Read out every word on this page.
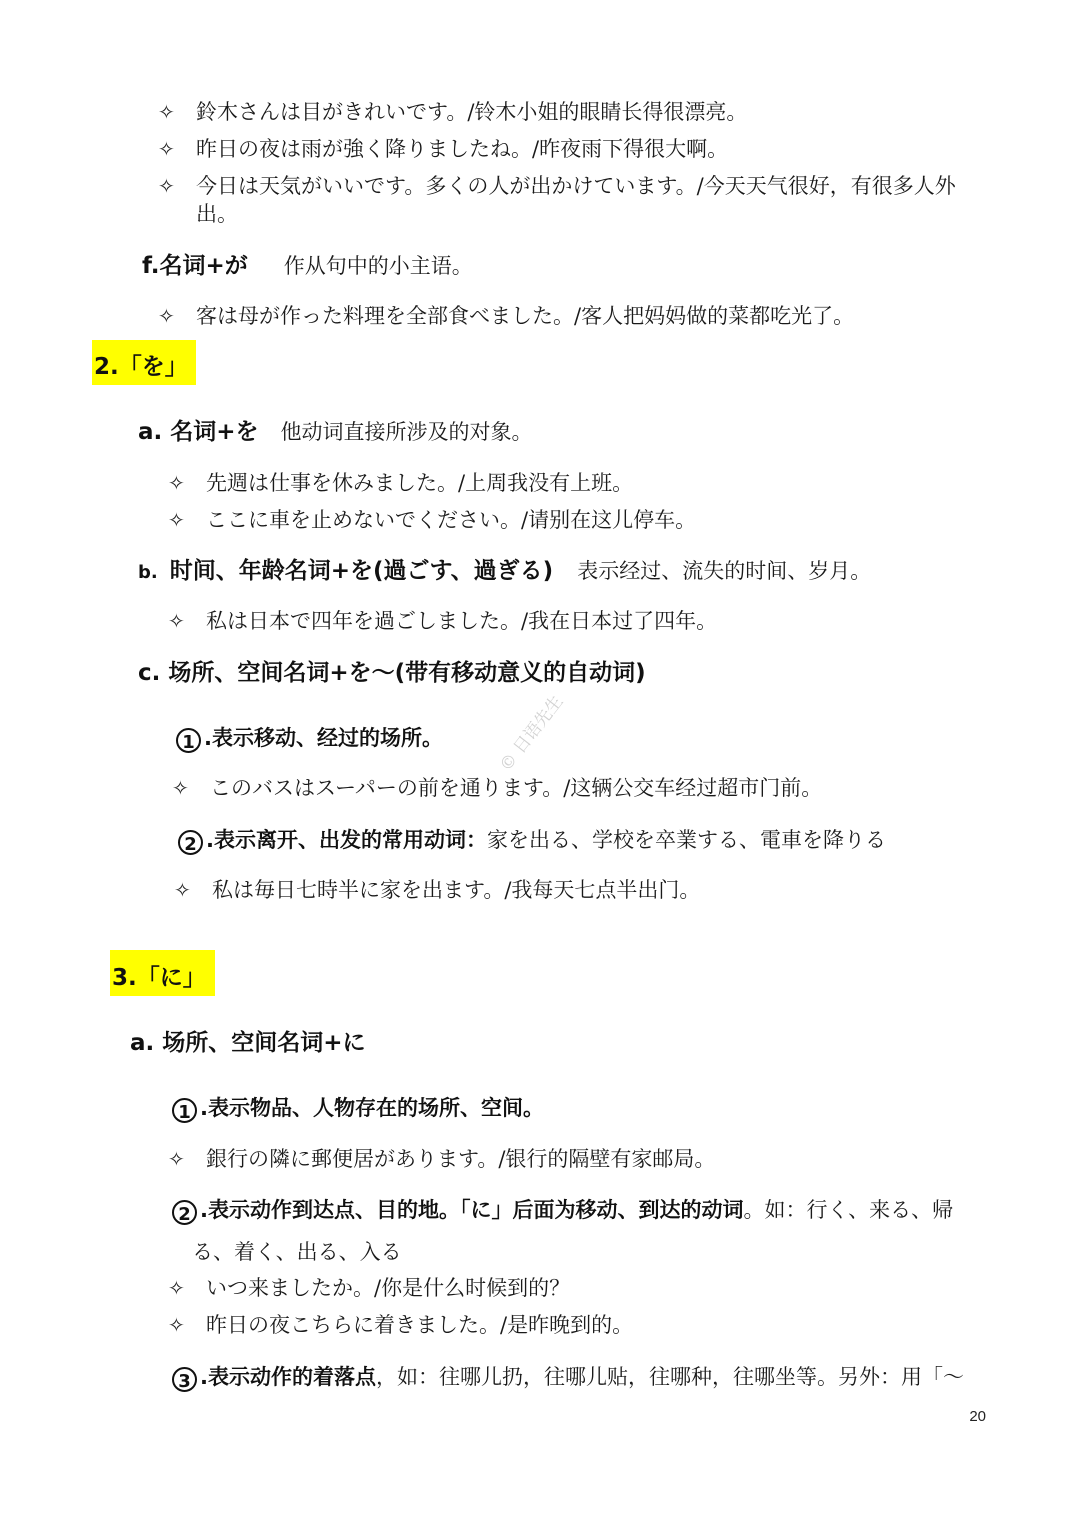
✧ 鈴木さんは目がきれいです。/铃木小姐的眼睛长得很漂亮。
✧ 昨日の夜は雨が強く降りましたね。/昨夜雨下得很大啊。
✧ 今日は天気がいいです。多くの人が出かけています。/今天天气很好，有很多人外
出。
f.名词+が 作从句中的小主语。
✧ 客は母が作った料理を全部食べました。/客人把妈妈做的菜都吃光了。
2.「を」
a. 名词+を 他动词直接所涉及的对象。
✧ 先週は仕事を休みました。/上周我没有上班。
✧ ここに車を止めないでください。/请别在这儿停车。
b. 时间、年龄名词+を(過ごす、過ぎる) 表示经过、流失的时间、岁月。
✧ 私は日本で四年を過ごしました。/我在日本过了四年。
c. 场所、空间名词+を～(带有移动意义的自动词)
1 .表示移动、经过的场所。
✧ このバスはスーパーの前を通ります。/这辆公交车经过超市门前。
2 .表示离开、出发的常用动词：家を出る、学校を卒業する、電車を降りる
✧ 私は毎日七時半に家を出ます。/我每天七点半出门。
3.「に」
a. 场所、空间名词+に
1 .表示物品、人物存在的场所、空间。
✧ 銀行の隣に郵便居があります。/银行的隔壁有家邮局。
2 .表示动作到达点、目的地。「に」后面为移动、到达的动词。如：行く、来る、帰
る、着く、出る、入る
✧ いつ来ましたか。/你是什么时候到的？
✧ 昨日の夜こちらに着きました。/是昨晚到的。
3 .表示动作的着落点，如：往哪儿扔，往哪儿贴，往哪种，往哪坐等。另外：用「～
© 日语先生
20
